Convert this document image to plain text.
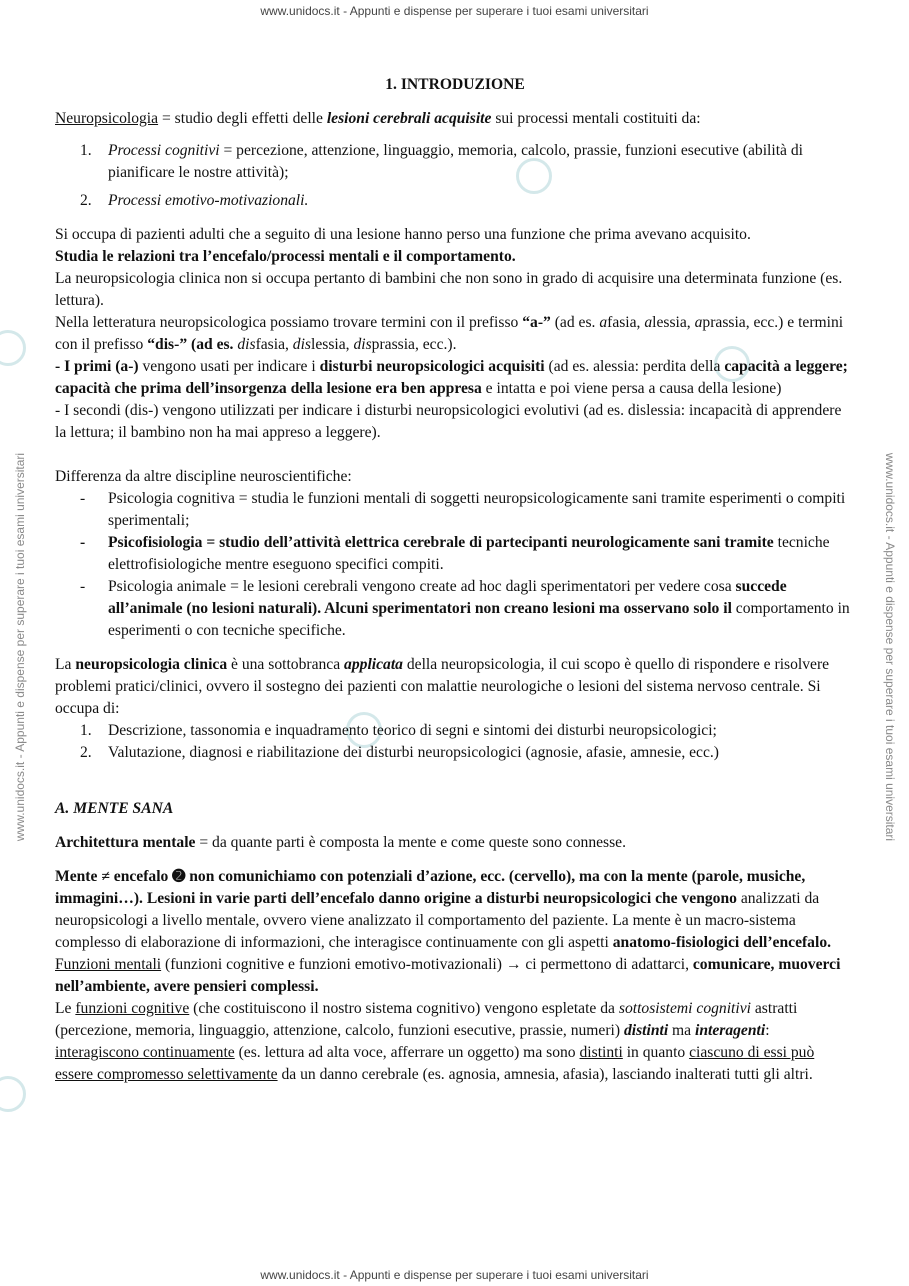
www.unidocs.it - Appunti e dispense per superare i tuoi esami universitari
www.unidocs.it - Appunti e dispense per superare i tuoi esami universitari
www.unidocs.it - Appunti e dispense per superare i tuoi esami universitari	www.unidocs.it - Appunti e dispense per superare i tuoi esami universitari

1. INTRODUZIONE

Neuropsicologia = studio degli effetti delle lesioni cerebrali acquisite sui processi mentali costituiti da:

1. Processi cognitivi = percezione, attenzione, linguaggio, memoria, calcolo, prassie, funzioni esecutive (abilità di pianificare le nostre attività);
2. Processi emotivo-motivazionali.

Si occupa di pazienti adulti che a seguito di una lesione hanno perso una funzione che prima avevano acquisito.

Studia le relazioni tra l’encefalo/processi mentali e il comportamento.

La neuropsicologia clinica non si occupa pertanto di bambini che non sono in grado di acquisire una determinata funzione (es. lettura).

Nella letteratura neuropsicologica possiamo trovare termini con il prefisso “a-” (ad es. afasia, alessia, aprassia, ecc.) e termini con il prefisso “dis-” (ad es. disfasia, dislessia, disprassia, ecc.).

- I primi (a-) vengono usati per indicare i disturbi neuropsicologici acquisiti (ad es. alessia: perdita della capacità a leggere; capacità che prima dell’insorgenza della lesione era ben appresa e intatta e poi viene persa a causa della lesione)

- I secondi (dis-) vengono utilizzati per indicare i disturbi neuropsicologici evolutivi (ad es. dislessia: incapacità di apprendere la lettura; il bambino non ha mai appreso a leggere).

Differenza da altre discipline neuroscientifiche:

- Psicologia cognitiva = studia le funzioni mentali di soggetti neuropsicologicamente sani tramite esperimenti o compiti sperimentali;
- Psicofisiologia = studio dell’attività elettrica cerebrale di partecipanti neurologicamente sani tramite tecniche elettrofisiologiche mentre eseguono specifici compiti.
- Psicologia animale = le lesioni cerebrali vengono create ad hoc dagli sperimentatori per vedere cosa succede all’animale (no lesioni naturali). Alcuni sperimentatori non creano lesioni ma osservano solo il comportamento in esperimenti o con tecniche specifiche.

La neuropsicologia clinica è una sottobranca applicata della neuropsicologia, il cui scopo è quello di rispondere e risolvere problemi pratici/clinici, ovvero il sostegno dei pazienti con malattie neurologiche o lesioni del sistema nervoso centrale. Si occupa di:

1. Descrizione, tassonomia e inquadramento teorico di segni e sintomi dei disturbi neuropsicologici;
2. Valutazione, diagnosi e riabilitazione dei disturbi neuropsicologici (agnosie, afasie, amnesie, ecc.)

A. MENTE SANA

Architettura mentale = da quante parti è composta la mente e come queste sono connesse.

Mente ≠ encefalo ➋ non comunichiamo con potenziali d’azione, ecc. (cervello), ma con la mente (parole, musiche, immagini…). Lesioni in varie parti dell’encefalo danno origine a disturbi neuropsicologici che vengono analizzati da neuropsicologi a livello mentale, ovvero viene analizzato il comportamento del paziente. La mente è un macro-sistema complesso di elaborazione di informazioni, che interagisce continuamente con gli aspetti anatomo-fisiologici dell’encefalo.

Funzioni mentali (funzioni cognitive e funzioni emotivo-motivazionali) → ci permettono di adattarci, comunicare, muoverci nell’ambiente, avere pensieri complessi.

Le funzioni cognitive (che costituiscono il nostro sistema cognitivo) vengono espletate da sottosistemi cognitivi astratti (percezione, memoria, linguaggio, attenzione, calcolo, funzioni esecutive, prassie, numeri) distinti ma interagenti: interagiscono continuamente (es. lettura ad alta voce, afferrare un oggetto) ma sono distinti in quanto ciascuno di essi può essere compromesso selettivamente da un danno cerebrale (es. agnosia, amnesia, afasia), lasciando inalterati tutti gli altri.
